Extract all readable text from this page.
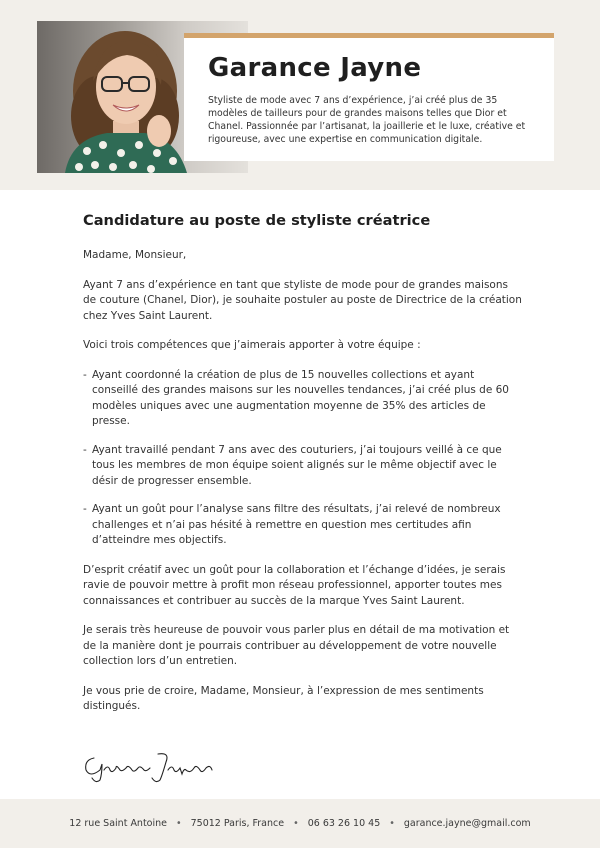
Garance Jayne

Styliste de mode avec 7 ans d’expérience, j’ai créé plus de 35 modèles de tailleurs pour de grandes maisons telles que Dior et Chanel. Passionnée par l’artisanat, la joaillerie et le luxe, créative et rigoureuse, avec une expertise en communication digitale.

Candidature au poste de styliste créatrice

Madame, Monsieur,

Ayant 7 ans d’expérience en tant que styliste de mode pour de grandes maisons de couture (Chanel, Dior), je souhaite postuler au poste de Directrice de la création chez Yves Saint Laurent.

Voici trois compétences que j’aimerais apporter à votre équipe :

- Ayant coordonné la création de plus de 15 nouvelles collections et ayant conseillé des grandes maisons sur les nouvelles tendances, j’ai créé plus de 60 modèles uniques avec une augmentation moyenne de 35% des articles de presse.
- Ayant travaillé pendant 7 ans avec des couturiers, j’ai toujours veillé à ce que tous les membres de mon équipe soient alignés sur le même objectif avec le désir de progresser ensemble.
- Ayant un goût pour l’analyse sans filtre des résultats, j’ai relevé de nombreux challenges et n’ai pas hésité à remettre en question mes certitudes afin d’atteindre mes objectifs.

D’esprit créatif avec un goût pour la collaboration et l’échange d’idées, je serais ravie de pouvoir mettre à profit mon réseau professionnel, apporter toutes mes connaissances et contribuer au succès de la marque Yves Saint Laurent.

Je serais très heureuse de pouvoir vous parler plus en détail de ma motivation et de la manière dont je pourrais contribuer au développement de votre nouvelle collection lors d’un entretien.

Je vous prie de croire, Madame, Monsieur, à l’expression de mes sentiments distingués.

12 rue Saint Antoine • 75012 Paris, France • 06 63 26 10 45 • garance.jayne@gmail.com
